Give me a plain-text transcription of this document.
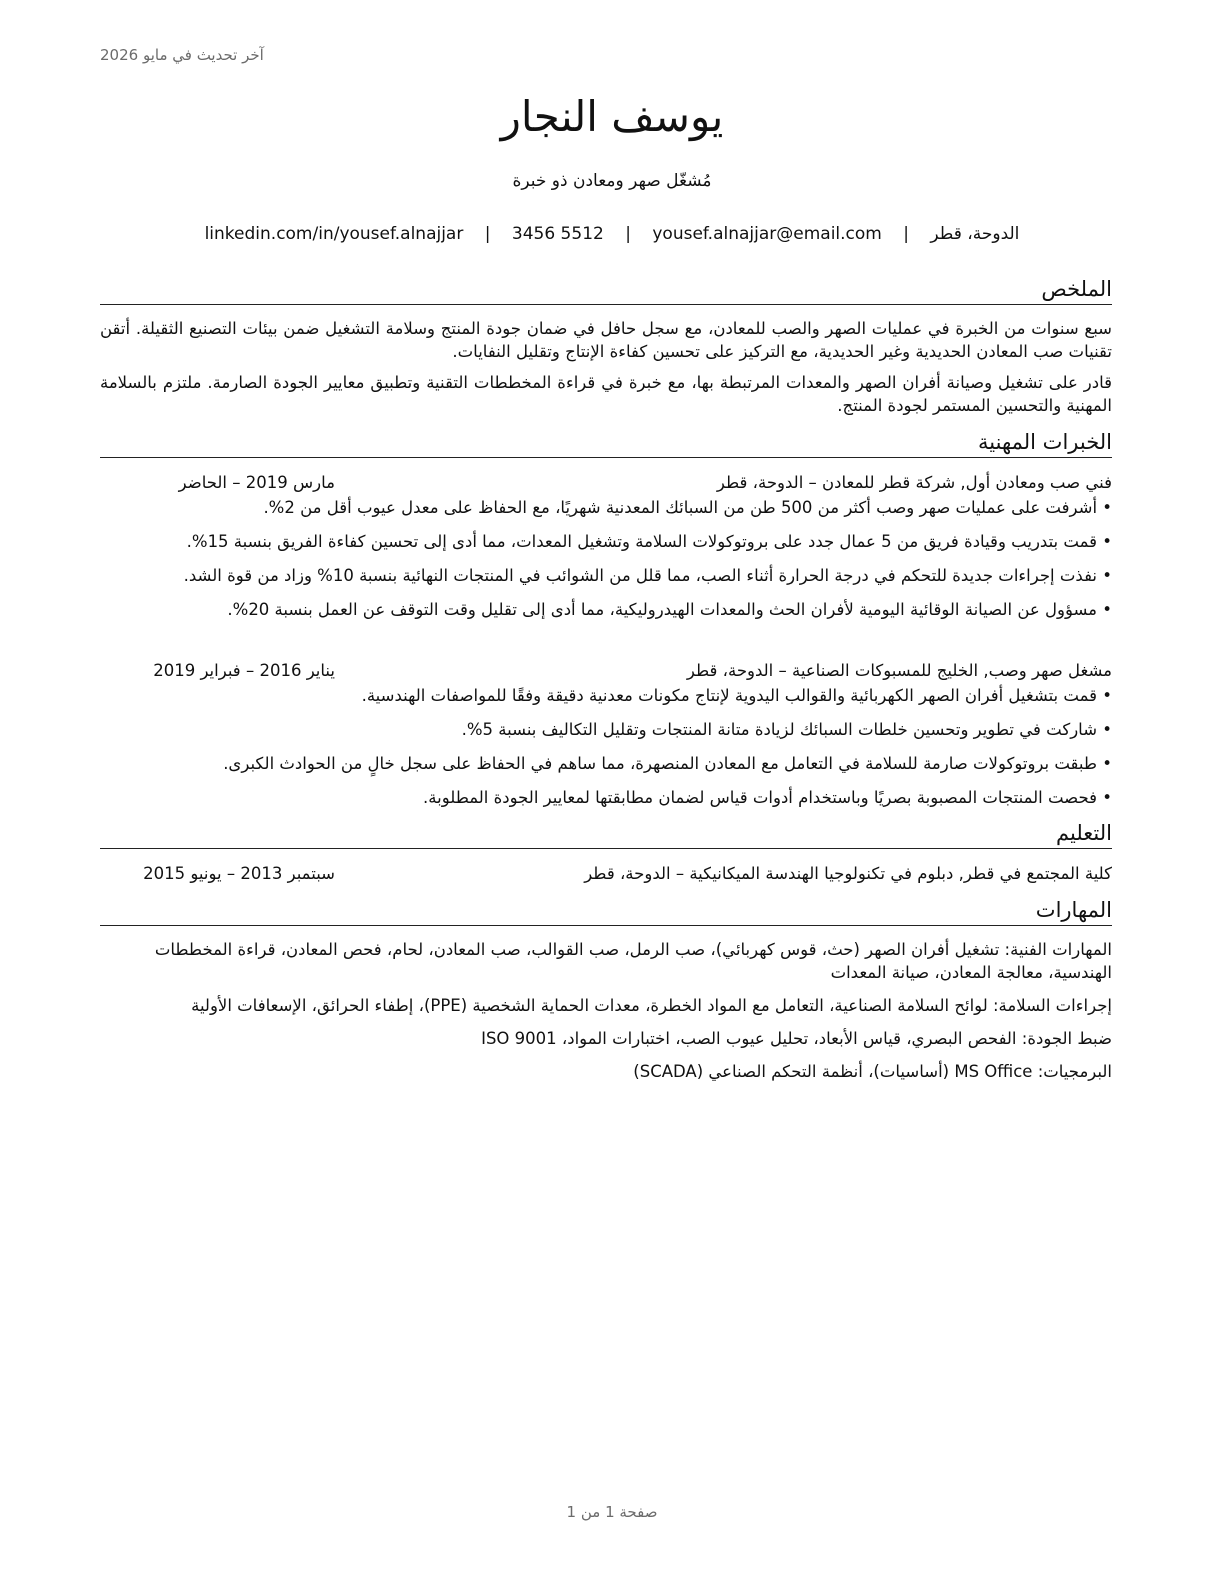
آخر تحديث في مايو 2026
يوسف النجار
مُشغّل صهر ومعادن ذو خبرة
الدوحة، قطر | yousef.alnajjar@email.com | 3456 5512 | linkedin.com/in/yousef.alnajjar
الملخص

سبع سنوات من الخبرة في عمليات الصهر والصب للمعادن، مع سجل حافل في ضمان جودة المنتج وسلامة التشغيل ضمن بيئات التصنيع الثقيلة. أتقن تقنيات صب المعادن الحديدية وغير الحديدية، مع التركيز على تحسين كفاءة الإنتاج وتقليل النفايات.

قادر على تشغيل وصيانة أفران الصهر والمعدات المرتبطة بها، مع خبرة في قراءة المخططات التقنية وتطبيق معايير الجودة الصارمة. ملتزم بالسلامة المهنية والتحسين المستمر لجودة المنتج.

الخبرات المهنية
فني صب ومعادن أول, شركة قطر للمعادن – الدوحة، قطر
مارس 2019 – الحاضر

• أشرفت على عمليات صهر وصب أكثر من 500 طن من السبائك المعدنية شهريًا، مع الحفاظ على معدل عيوب أقل من 2%.

• قمت بتدريب وقيادة فريق من 5 عمال جدد على بروتوكولات السلامة وتشغيل المعدات، مما أدى إلى تحسين كفاءة الفريق بنسبة 15%.

• نفذت إجراءات جديدة للتحكم في درجة الحرارة أثناء الصب، مما قلل من الشوائب في المنتجات النهائية بنسبة 10% وزاد من قوة الشد.

• مسؤول عن الصيانة الوقائية اليومية لأفران الحث والمعدات الهيدروليكية، مما أدى إلى تقليل وقت التوقف عن العمل بنسبة 20%.

مشغل صهر وصب, الخليج للمسبوكات الصناعية – الدوحة، قطر
يناير 2016 – فبراير 2019

• قمت بتشغيل أفران الصهر الكهربائية والقوالب اليدوية لإنتاج مكونات معدنية دقيقة وفقًا للمواصفات الهندسية.

• شاركت في تطوير وتحسين خلطات السبائك لزيادة متانة المنتجات وتقليل التكاليف بنسبة 5%.

• طبقت بروتوكولات صارمة للسلامة في التعامل مع المعادن المنصهرة، مما ساهم في الحفاظ على سجل خالٍ من الحوادث الكبرى.

• فحصت المنتجات المصبوبة بصريًا وباستخدام أدوات قياس لضمان مطابقتها لمعايير الجودة المطلوبة.

التعليم
كلية المجتمع في قطر, دبلوم في تكنولوجيا الهندسة الميكانيكية – الدوحة، قطر
سبتمبر 2013 – يونيو 2015
المهارات

المهارات الفنية: تشغيل أفران الصهر (حث، قوس كهربائي)، صب الرمل، صب القوالب، صب المعادن، لحام، فحص المعادن، قراءة المخططات الهندسية، معالجة المعادن، صيانة المعدات

إجراءات السلامة: لوائح السلامة الصناعية، التعامل مع المواد الخطرة، معدات الحماية الشخصية (PPE)، إطفاء الحرائق، الإسعافات الأولية

ضبط الجودة: الفحص البصري، قياس الأبعاد، تحليل عيوب الصب، اختبارات المواد، ISO 9001

البرمجيات: MS Office (أساسيات)، أنظمة التحكم الصناعي (SCADA)

صفحة 1 من 1
